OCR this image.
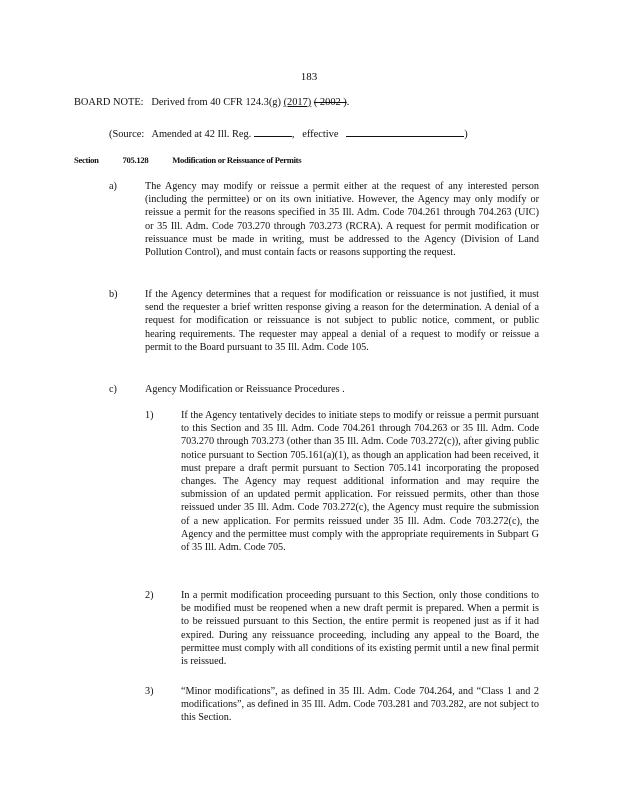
183
BOARD NOTE: Derived from 40 CFR 124.3(g) (2017) ( 2002 ).
(Source: Amended at 42 Ill. Reg.	, effective	)
Section	705.128	Modification or Reissuance of Permits
a)	The Agency may modify or reissue a permit either at the request of any interested person (including the permittee) or on its own initiative. However, the Agency may only modify or reissue a permit for the reasons specified in 35 Ill. Adm. Code 704.261 through 704.263 (UIC) or 35 Ill. Adm. Code 703.270 through 703.273 (RCRA). A request for permit modification or reissuance must be made in writing, must be addressed to the Agency (Division of Land Pollution Control), and must contain facts or reasons supporting the request.
b)	If the Agency determines that a request for modification or reissuance is not justified, it must send the requester a brief written response giving a reason for the determination. A denial of a request for modification or reissuance is not subject to public notice, comment, or public hearing requirements. The requester may appeal a denial of a request to modify or reissue a permit to the Board pursuant to 35 Ill. Adm. Code 105.
c)	Agency Modification or Reissuance Procedures .
1)	If the Agency tentatively decides to initiate steps to modify or reissue a permit pursuant to this Section and 35 Ill. Adm. Code 704.261 through 704.263 or 35 Ill. Adm. Code 703.270 through 703.273 (other than 35 Ill. Adm. Code 703.272(c)), after giving public notice pursuant to Section 705.161(a)(1), as though an application had been received, it must prepare a draft permit pursuant to Section 705.141 incorporating the proposed changes. The Agency may request additional information and may require the submission of an updated permit application. For reissued permits, other than those reissued under 35 Ill. Adm. Code 703.272(c), the Agency must require the submission of a new application. For permits reissued under 35 Ill. Adm. Code 703.272(c), the Agency and the permittee must comply with the appropriate requirements in Subpart G of 35 Ill. Adm. Code 705.
2)	In a permit modification proceeding pursuant to this Section, only those conditions to be modified must be reopened when a new draft permit is prepared. When a permit is to be reissued pursuant to this Section, the entire permit is reopened just as if it had expired. During any reissuance proceeding, including any appeal to the Board, the permittee must comply with all conditions of its existing permit until a new final permit is reissued.
3)	“Minor modifications”, as defined in 35 Ill. Adm. Code 704.264, and “Class 1 and 2 modifications”, as defined in 35 Ill. Adm. Code 703.281 and 703.282, are not subject to this Section.
